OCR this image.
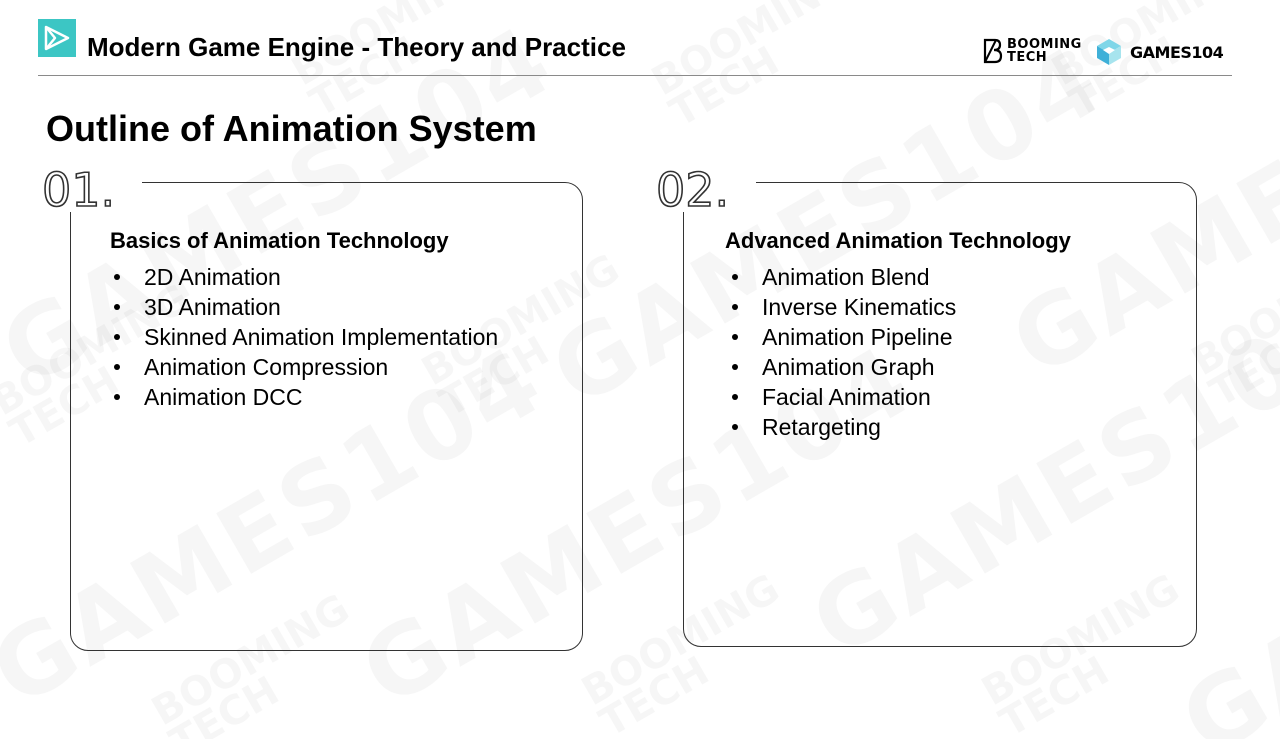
Modern Game Engine - Theory and Practice	BOOMING
TECH	GAMES104
Outline of Animation System
01.
Basics of Animation Technology
2D Animation
3D Animation
Skinned Animation Implementation
Animation Compression
Animation DCC
02.
Advanced Animation Technology
Animation Blend
Inverse Kinematics
Animation Pipeline
Animation Graph
Facial Animation
Retargeting
